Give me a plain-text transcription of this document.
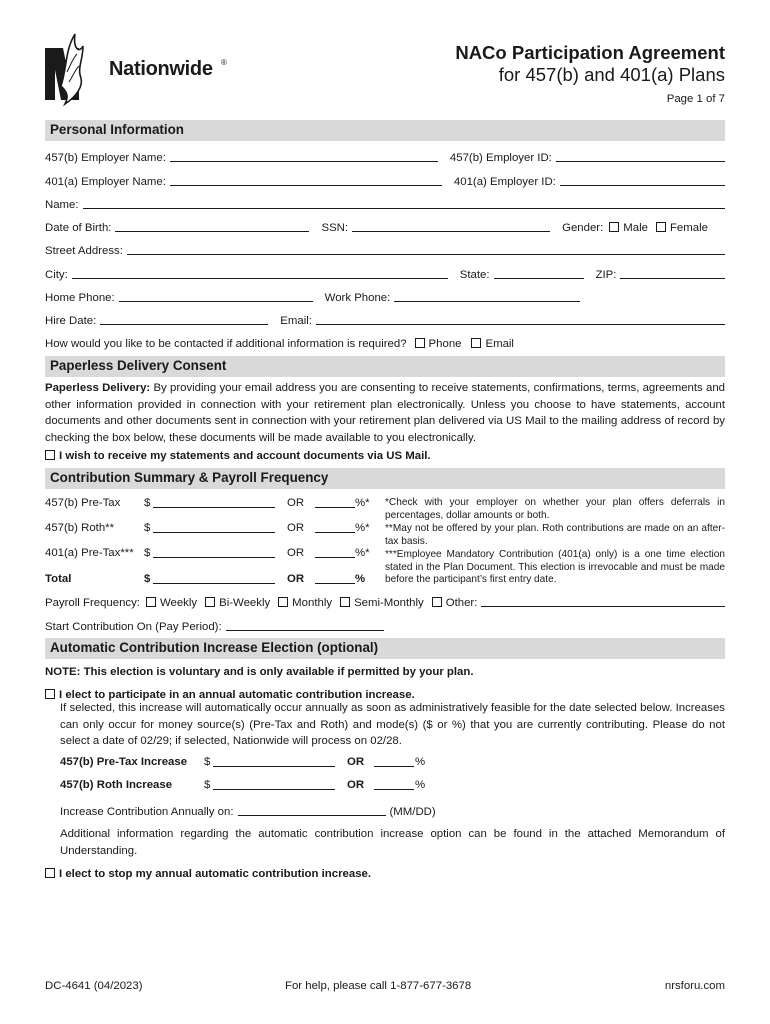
Nationwide ®	NACo Participation Agreement
for 457(b) and 401(a) Plans
Page 1 of 7
Personal Information
457(b) Employer Name:	457(b) Employer ID:
401(a) Employer Name:	401(a) Employer ID:
Name:
Date of Birth:	SSN:	Gender: Male Female
Street Address:
City:	State:	ZIP:
Home Phone:	Work Phone:
Hire Date:	Email:
How would you like to be contacted if additional information is required? Phone Email
Paperless Delivery Consent
Paperless Delivery: By providing your email address you are consenting to receive statements, confirmations, terms, agreements and other information provided in connection with your retirement plan electronically. Unless you choose to have statements, account documents and other documents sent in connection with your retirement plan delivered via US Mail to the mailing address of record by checking the box below, these documents will be made available to you electronically.
I wish to receive my statements and account documents via US Mail.
Contribution Summary & Payroll Frequency
457(b) Pre-Tax $	OR	%*
457(b) Roth**	$	OR	%*
401(a) Pre-Tax*** $	OR	%*
Total	$	OR	%
*Check with your employer on whether your plan offers deferrals in percentages, dollar amounts or both.
**May not be offered by your plan. Roth contributions are made on an after-tax basis.
***Employee Mandatory Contribution (401(a) only) is a one time election stated in the Plan Document. This election is irrevocable and must be made before the participant’s first entry date.
Payroll Frequency: Weekly Bi-Weekly Monthly Semi-Monthly Other:
Start Contribution On (Pay Period):
Automatic Contribution Increase Election (optional)
NOTE: This election is voluntary and is only available if permitted by your plan.
I elect to participate in an annual automatic contribution increase.
If selected, this increase will automatically occur annually as soon as administratively feasible for the date selected below. Increases can only occur for money source(s) (Pre-Tax and Roth) and mode(s) ($ or %) that you are currently contributing. Please do not select a date of 02/29; if selected, Nationwide will process on 02/28.
457(b) Pre-Tax Increase $	OR	%
457(b) Roth Increase	$	OR	%
Increase Contribution Annually on:	(MM/DD)
Additional information regarding the automatic contribution increase option can be found in the attached Memorandum of Understanding.
I elect to stop my annual automatic contribution increase.
DC-4641 (04/2023)	For help, please call 1-877-677-3678	nrsforu.com
